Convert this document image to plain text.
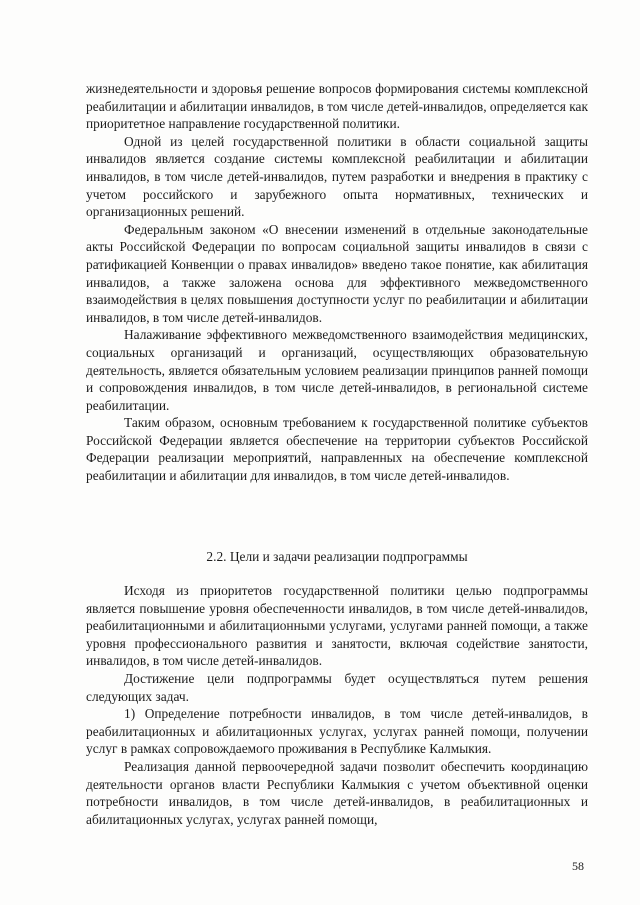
жизнедеятельности и здоровья решение вопросов формирования системы комплексной реабилитации и абилитации инвалидов, в том числе детей-инвалидов, определяется как приоритетное направление государственной политики.

Одной из целей государственной политики в области социальной защиты инвалидов является создание системы комплексной реабилитации и абилитации инвалидов, в том числе детей-инвалидов, путем разработки и внедрения в практику с учетом российского и зарубежного опыта нормативных, технических и организационных решений.

Федеральным законом «О внесении изменений в отдельные законодательные акты Российской Федерации по вопросам социальной защиты инвалидов в связи с ратификацией Конвенции о правах инвалидов» введено такое понятие, как абилитация инвалидов, а также заложена основа для эффективного межведомственного взаимодействия в целях повышения доступности услуг по реабилитации и абилитации инвалидов, в том числе детей-инвалидов.

Налаживание эффективного межведомственного взаимодействия медицинских, социальных организаций и организаций, осуществляющих образовательную деятельность, является обязательным условием реализации принципов ранней помощи и сопровождения инвалидов, в том числе детей-инвалидов, в региональной системе реабилитации.

Таким образом, основным требованием к государственной политике субъектов Российской Федерации является обеспечение на территории субъектов Российской Федерации реализации мероприятий, направленных на обеспечение комплексной реабилитации и абилитации для инвалидов, в том числе детей-инвалидов.

2.2. Цели и задачи реализации подпрограммы

Исходя из приоритетов государственной политики целью подпрограммы является повышение уровня обеспеченности инвалидов, в том числе детей-инвалидов, реабилитационными и абилитационными услугами, услугами ранней помощи, а также уровня профессионального развития и занятости, включая содействие занятости, инвалидов, в том числе детей-инвалидов.

Достижение цели подпрограммы будет осуществляться путем решения следующих задач.

1) Определение потребности инвалидов, в том числе детей-инвалидов, в реабилитационных и абилитационных услугах, услугах ранней помощи, получении услуг в рамках сопровождаемого проживания в Республике Калмыкия.

Реализация данной первоочередной задачи позволит обеспечить координацию деятельности органов власти Республики Калмыкия с учетом объективной оценки потребности инвалидов, в том числе детей-инвалидов, в реабилитационных и абилитационных услугах, услугах ранней помощи,

58
